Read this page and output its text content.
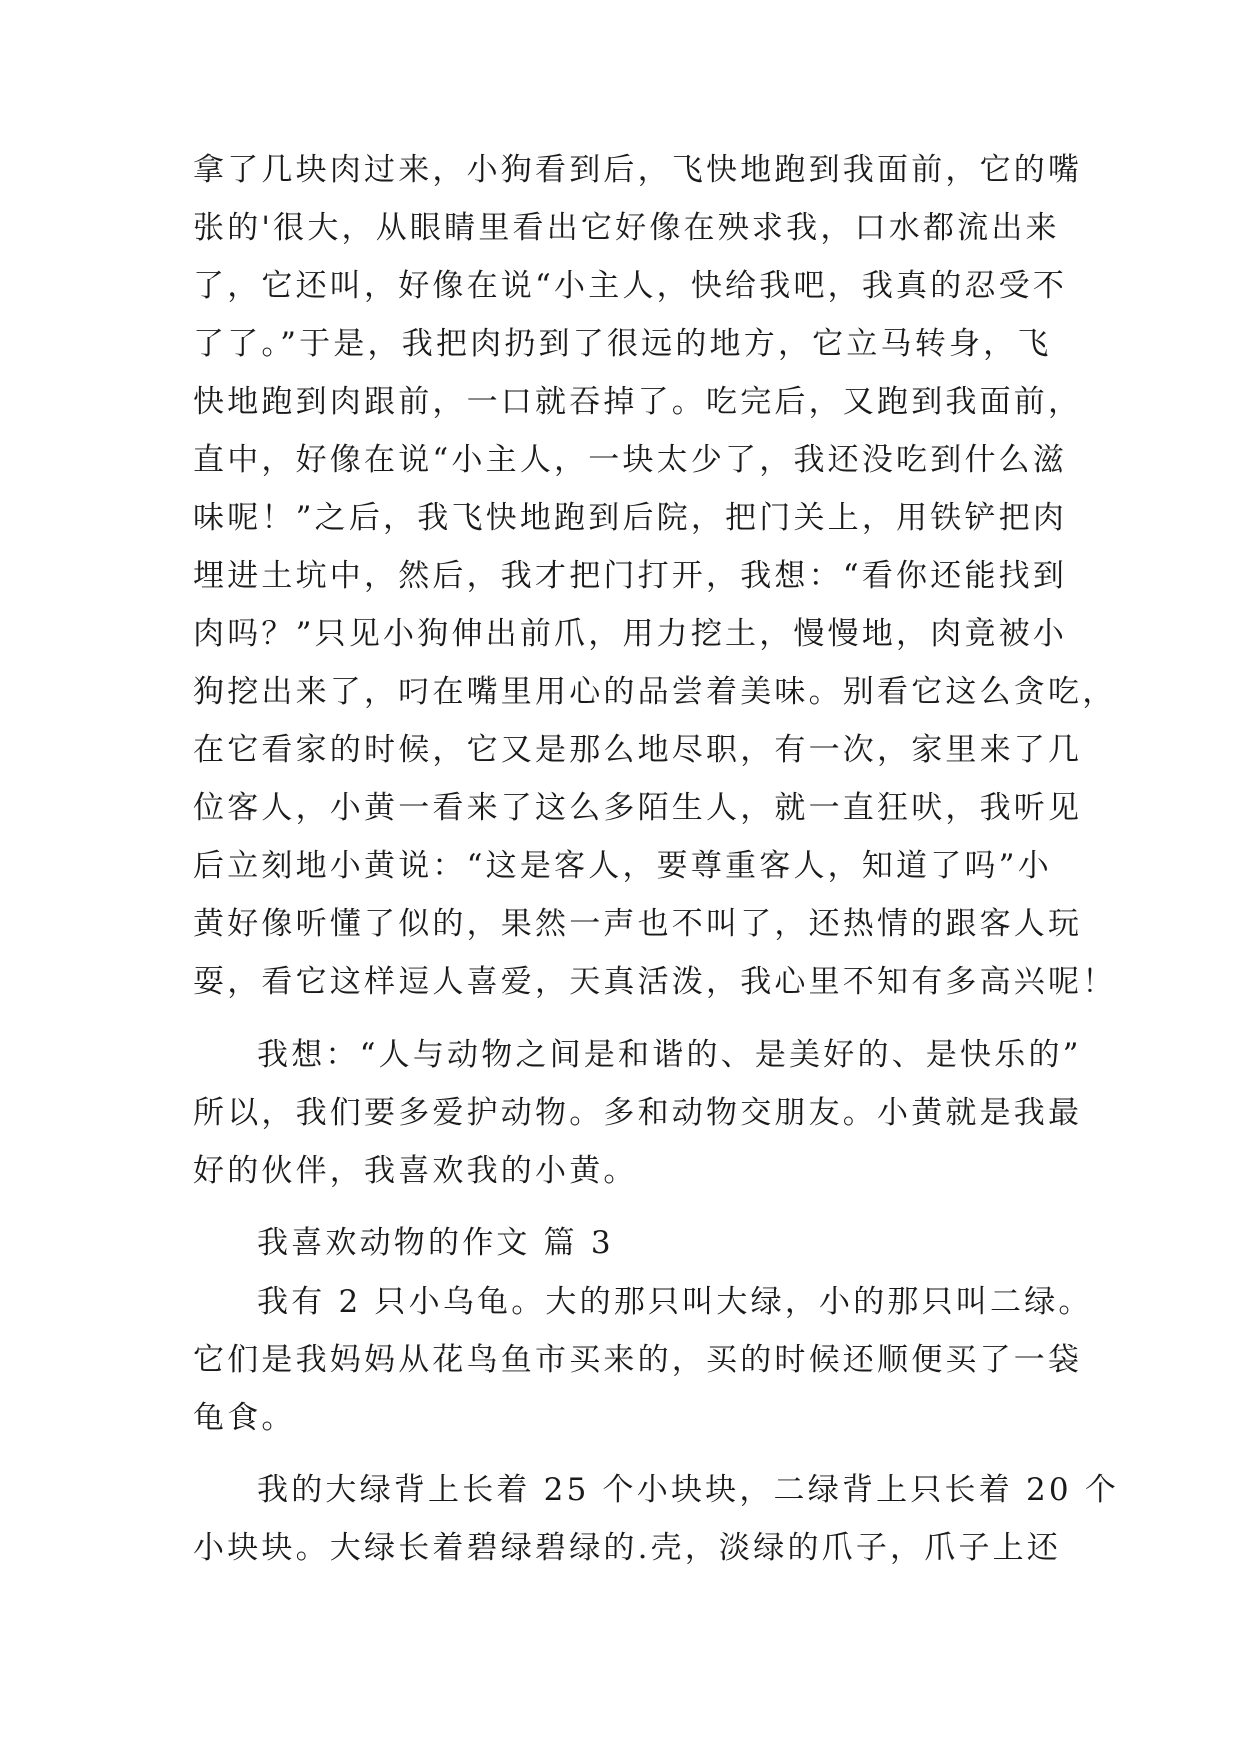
拿了几块肉过来，小狗看到后，飞快地跑到我面前，它的嘴
张的'很大，从眼睛里看出它好像在殃求我，口水都流出来
了，它还叫，好像在说“小主人，快给我吧，我真的忍受不
了了。”于是，我把肉扔到了很远的地方，它立马转身，飞
快地跑到肉跟前，一口就吞掉了。吃完后，又跑到我面前，
直中，好像在说“小主人，一块太少了，我还没吃到什么滋
味呢！”之后，我飞快地跑到后院，把门关上，用铁铲把肉
埋进土坑中，然后，我才把门打开，我想：“看你还能找到
肉吗？”只见小狗伸出前爪，用力挖土，慢慢地，肉竟被小
狗挖出来了，叼在嘴里用心的品尝着美味。别看它这么贪吃，
在它看家的时候，它又是那么地尽职，有一次，家里来了几
位客人，小黄一看来了这么多陌生人，就一直狂吠，我听见
后立刻地小黄说：“这是客人，要尊重客人，知道了吗”小
黄好像听懂了似的，果然一声也不叫了，还热情的跟客人玩
耍，看它这样逗人喜爱，天真活泼，我心里不知有多高兴呢！
我想：“人与动物之间是和谐的、是美好的、是快乐的”
所以，我们要多爱护动物。多和动物交朋友。小黄就是我最
好的伙伴，我喜欢我的小黄。
我喜欢动物的作文 篇 3
我有 2 只小乌龟。大的那只叫大绿，小的那只叫二绿。
它们是我妈妈从花鸟鱼市买来的，买的时候还顺便买了一袋
龟食。
我的大绿背上长着 25 个小块块，二绿背上只长着 20 个
小块块。大绿长着碧绿碧绿的.壳，淡绿的爪子，爪子上还
